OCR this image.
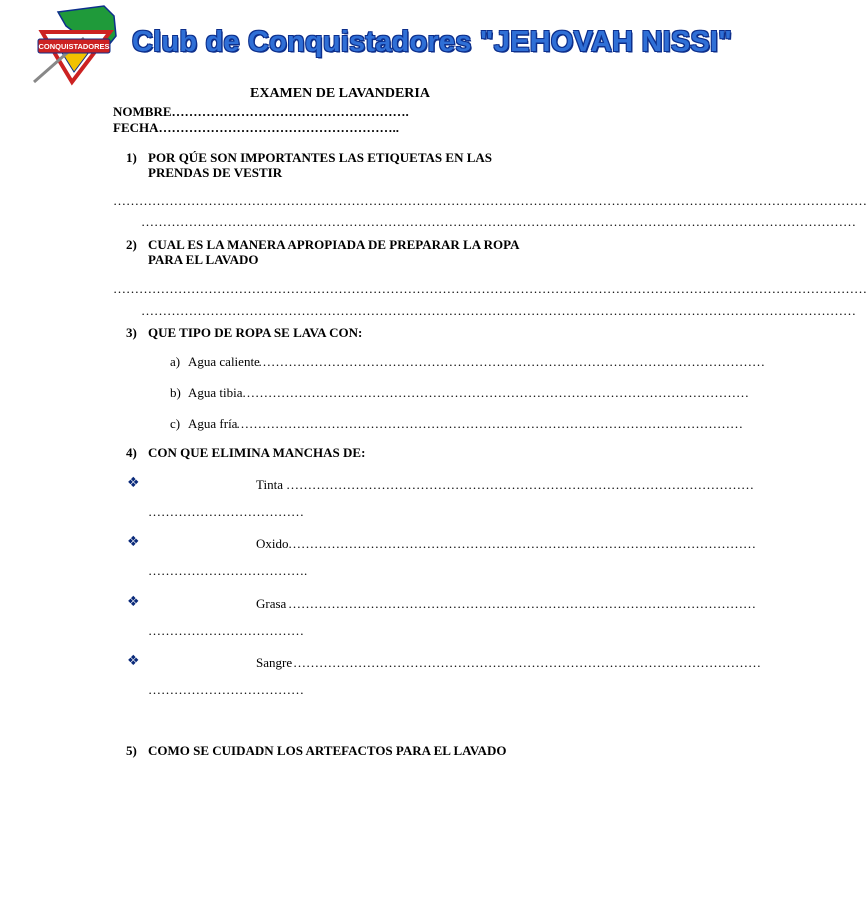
CONQUISTADORES Club de Conquistadores "JEHOVAH NISSI"
EXAMEN DE LAVANDERIA
NOMBRE……………………………………………….
FECHA………………………………………………..
1) POR QÚE SON IMPORTANTES LAS ETIQUETAS EN LAS
PRENDAS DE VESTIR
…………………………………………………………………………………………………………………………………………………………
…………………………………………………………………………………………………………………………………………………
2) CUAL ES LA MANERA APROPIADA DE PREPARAR LA ROPA
PARA EL LAVADO
…………………………………………………………………………………………………………………………………………………………
…………………………………………………………………………………………………………………………………………………
3) QUE TIPO DE ROPA SE LAVA CON:
a) Agua caliente
………………………………………………………………………………………………………
b) Agua tibia ………………………………………………………………………………………………………
c) Agua fría
………………………………………………………………………………………………………
4) CON QUE ELIMINA MANCHAS DE:
❖	Tinta ………………………………………………………………………………………………
………………………………
❖	Oxido ………………………………………………………………………………………………
……………………………….
❖	Grasa ………………………………………………………………………………………………
………………………………
❖	Sangre ………………………………………………………………………………………………
………………………………
5) COMO SE CUIDADN LOS ARTEFACTOS PARA EL LAVADO
